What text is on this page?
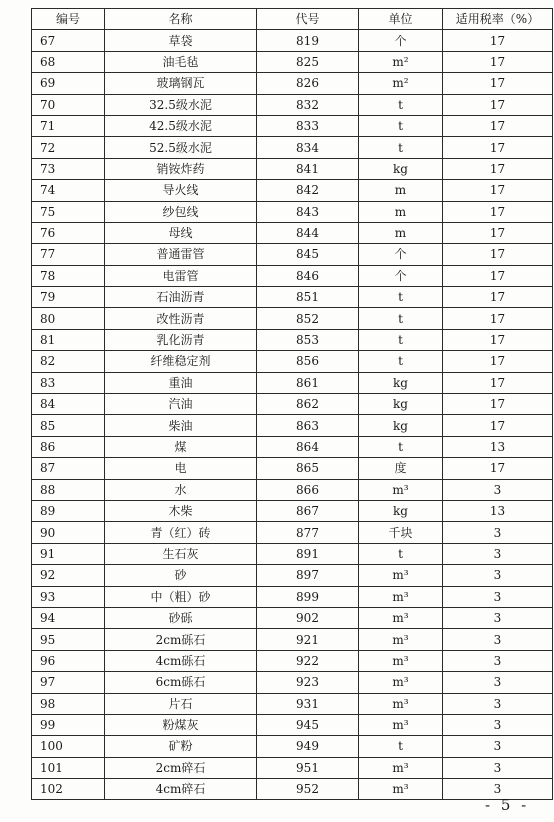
编号	名称	代号	单位	适用税率（%）
67	草袋	819	个	17
68	油毛毡	825	m²	17
69	玻璃钢瓦	826	m²	17
70	32.5级水泥	832	t	17
71	42.5级水泥	833	t	17
72	52.5级水泥	834	t	17
73	销铵炸药	841	kg	17
74	导火线	842	m	17
75	纱包线	843	m	17
76	母线	844	m	17
77	普通雷管	845	个	17
78	电雷管	846	个	17
79	石油沥青	851	t	17
80	改性沥青	852	t	17
81	乳化沥青	853	t	17
82	纤维稳定剂	856	t	17
83	重油	861	kg	17
84	汽油	862	kg	17
85	柴油	863	kg	17
86	煤	864	t	13
87	电	865	度	17
88	水	866	m³	3
89	木柴	867	kg	13
90	青（红）砖	877	千块	3
91	生石灰	891	t	3
92	砂	897	m³	3
93	中（粗）砂	899	m³	3
94	砂砾	902	m³	3
95	2cm砾石	921	m³	3
96	4cm砾石	922	m³	3
97	6cm砾石	923	m³	3
98	片石	931	m³	3
99	粉煤灰	945	m³	3
100	矿粉	949	t	3
101	2cm碎石	951	m³	3
102	4cm碎石	952	m³	3
- 5 -
